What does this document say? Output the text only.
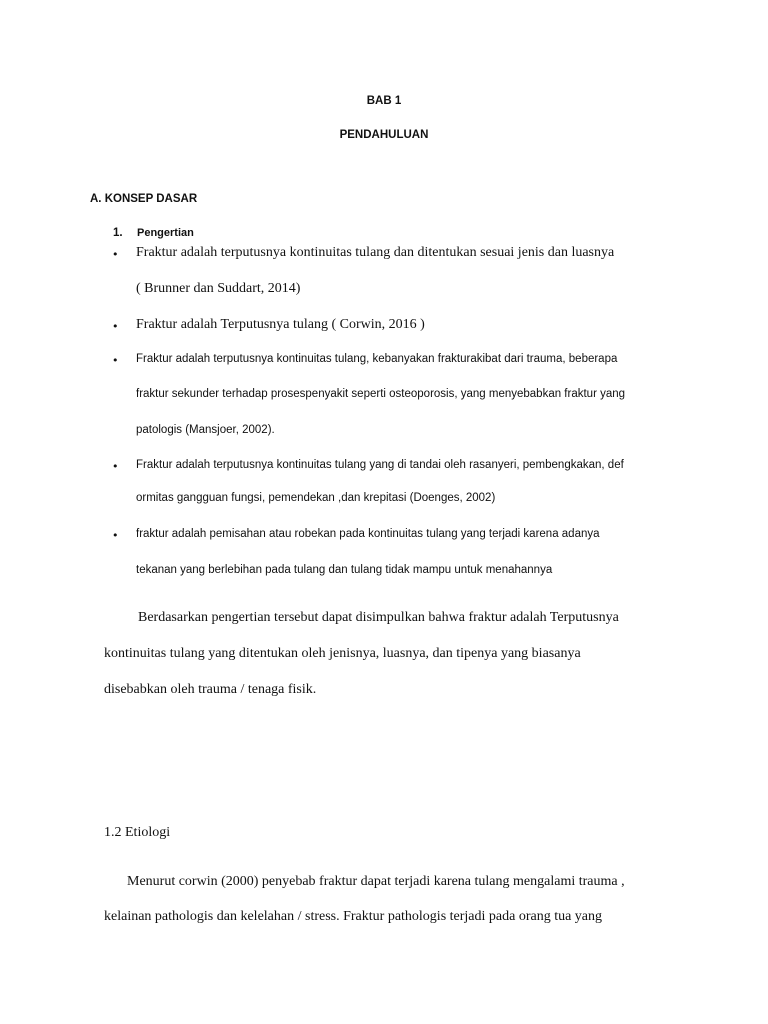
BAB 1
PENDAHULUAN
A. KONSEP DASAR
1. Pengertian
• Fraktur adalah terputusnya kontinuitas tulang dan ditentukan sesuai jenis dan luasnya
( Brunner dan Suddart, 2014)
• Fraktur adalah Terputusnya tulang ( Corwin, 2016 )
• Fraktur adalah terputusnya kontinuitas tulang, kebanyakan frakturakibat dari trauma, beberapa
fraktur sekunder terhadap prosespenyakit seperti osteoporosis, yang menyebabkan fraktur yang
patologis (Mansjoer, 2002).
• Fraktur adalah terputusnya kontinuitas tulang yang di tandai oleh rasanyeri, pembengkakan, def
ormitas gangguan fungsi, pemendekan ,dan krepitasi (Doenges, 2002)
• fraktur adalah pemisahan atau robekan pada kontinuitas tulang yang terjadi karena adanya
tekanan yang berlebihan pada tulang dan tulang tidak mampu untuk menahannya
Berdasarkan pengertian tersebut dapat disimpulkan bahwa fraktur adalah Terputusnya
kontinuitas tulang yang ditentukan oleh jenisnya, luasnya, dan tipenya yang biasanya
disebabkan oleh trauma / tenaga fisik.
1.2 Etiologi
Menurut corwin (2000) penyebab fraktur dapat terjadi karena tulang mengalami trauma ,
kelainan pathologis dan kelelahan / stress. Fraktur pathologis terjadi pada orang tua yang
